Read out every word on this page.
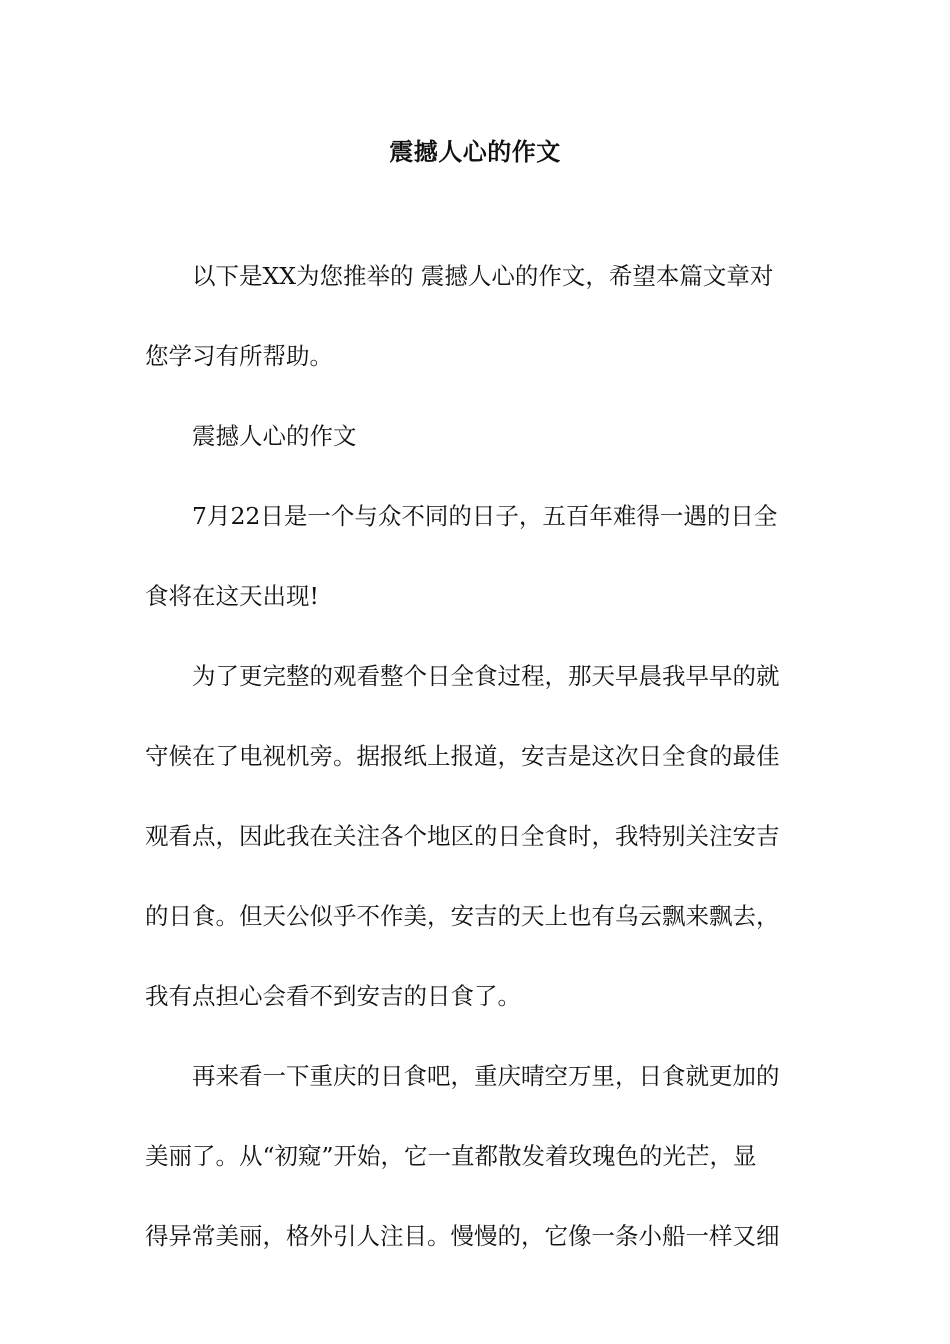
震撼人心的作文
以下是XX为您推举的 震撼人心的作文，希望本篇文章对
您学习有所帮助。
震撼人心的作文
7月22日是一个与众不同的日子，五百年难得一遇的日全
食将在这天出现!
为了更完整的观看整个日全食过程，那天早晨我早早的就
守候在了电视机旁。据报纸上报道，安吉是这次日全食的最佳
观看点，因此我在关注各个地区的日全食时，我特别关注安吉
的日食。但天公似乎不作美，安吉的天上也有乌云飘来飘去，
我有点担心会看不到安吉的日食了。
再来看一下重庆的日食吧，重庆晴空万里，日食就更加的
美丽了。从“初窥”开始，它一直都散发着玫瑰色的光芒，显
得异常美丽，格外引人注目。慢慢的，它像一条小船一样又细
